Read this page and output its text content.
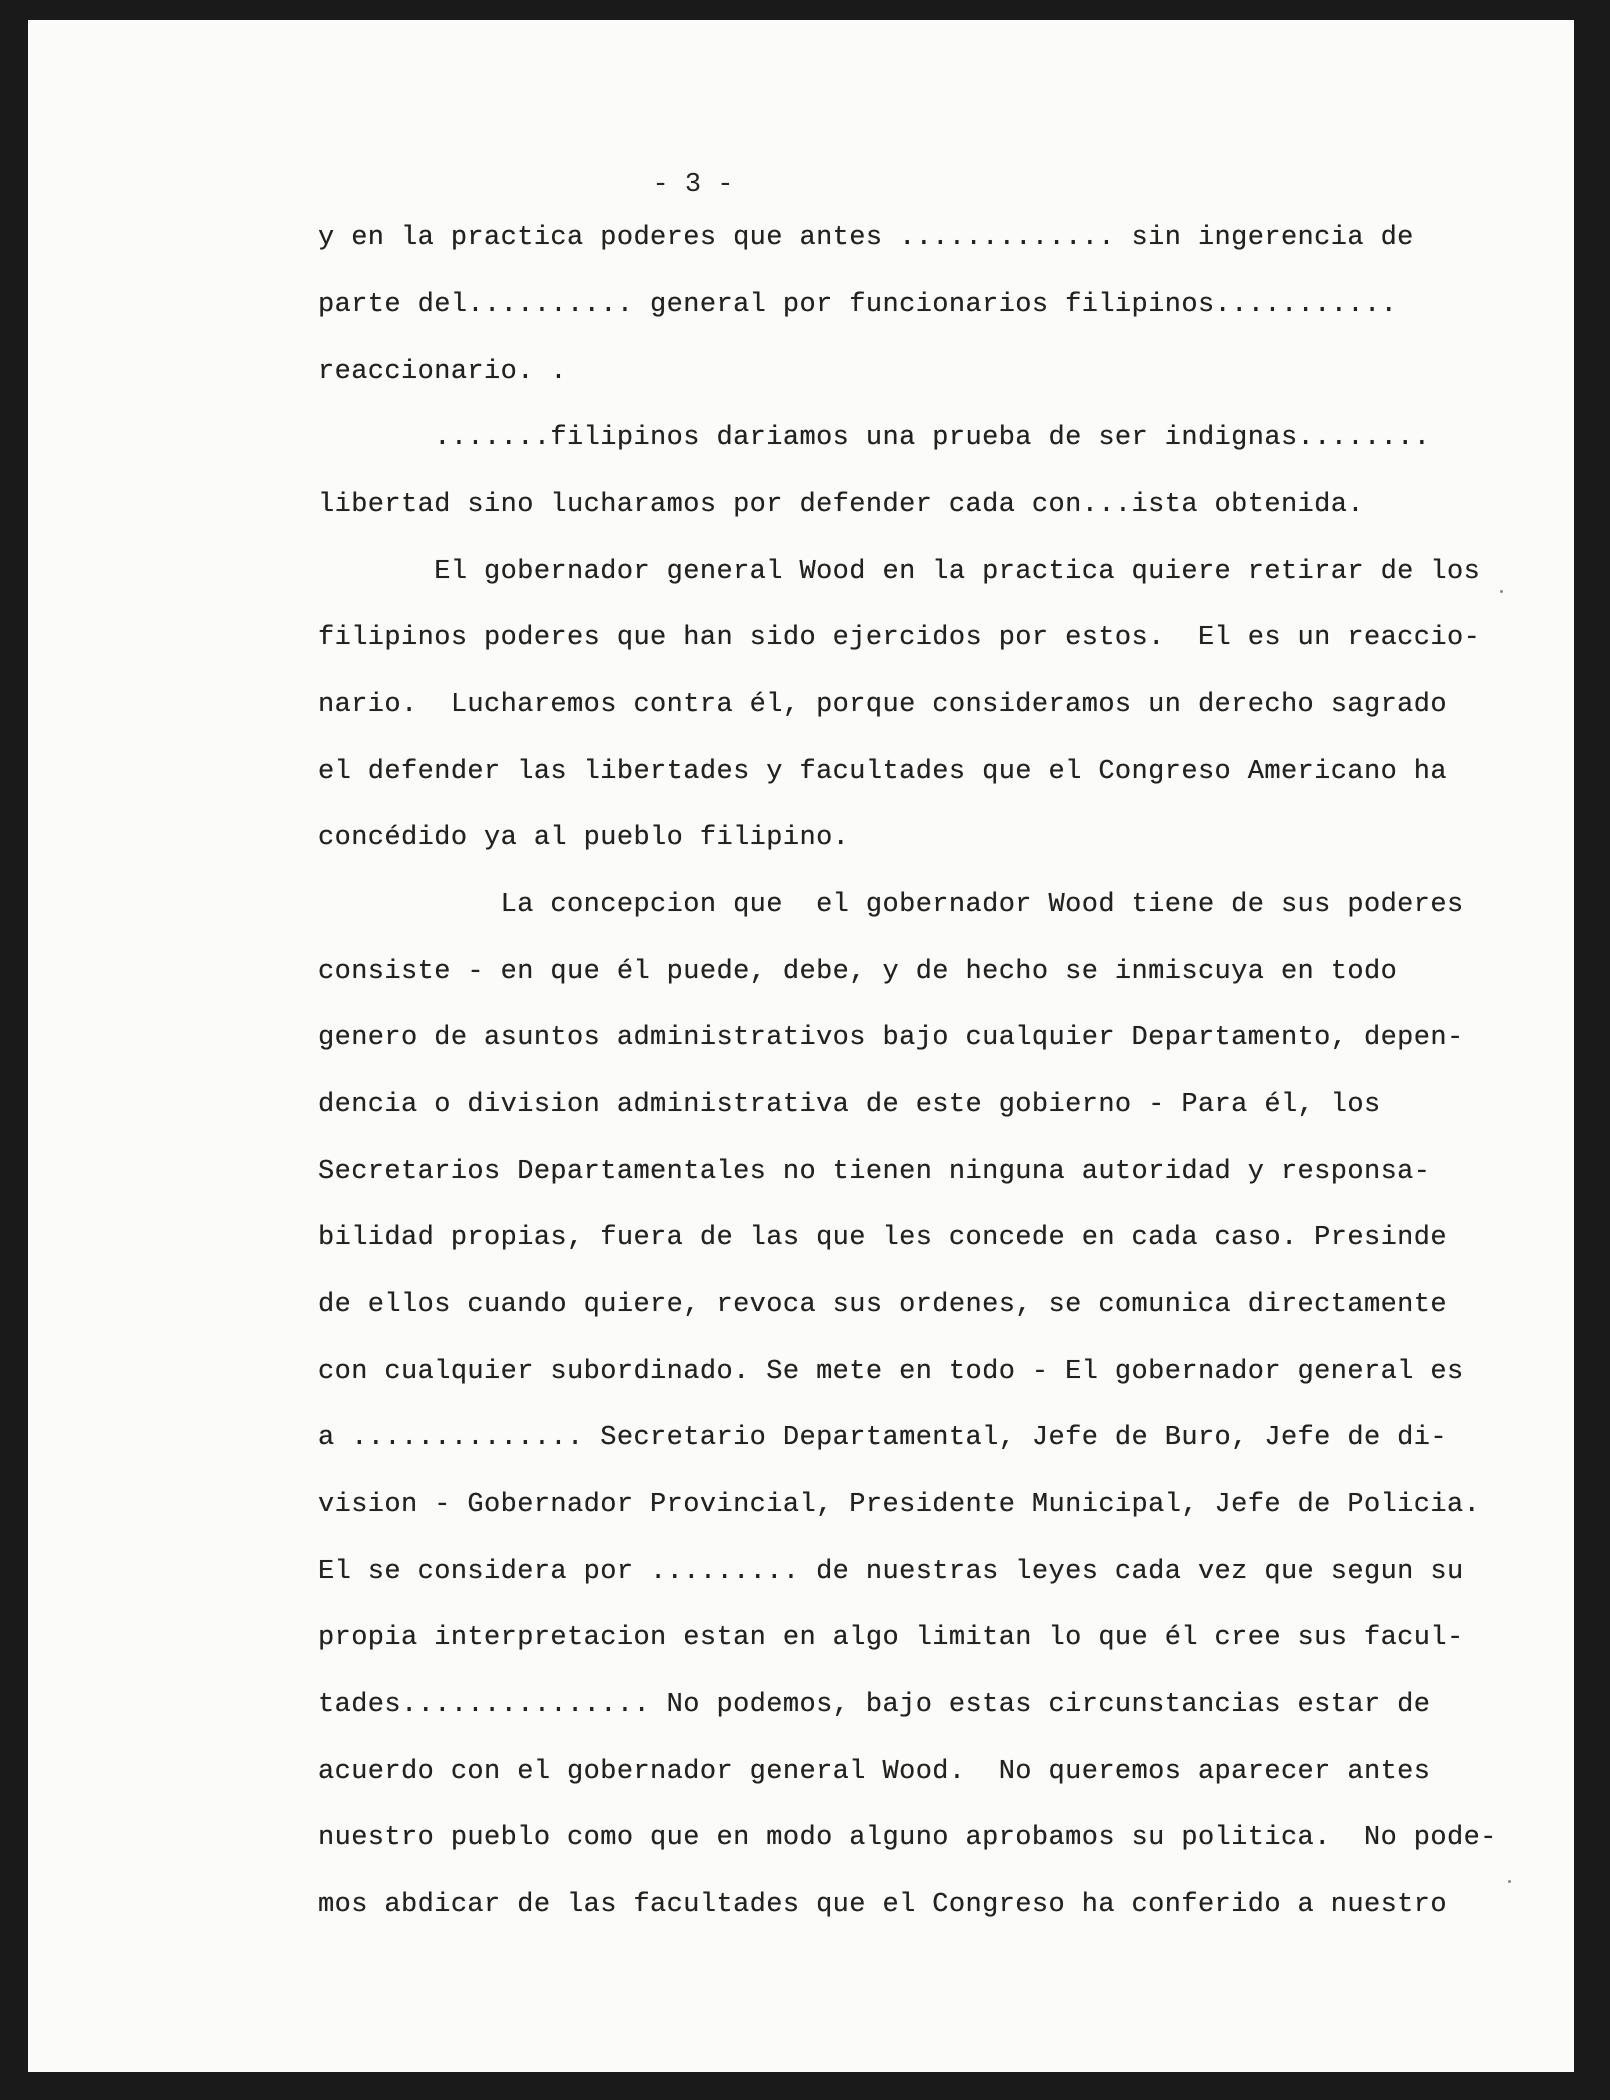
- 3 -
y en la practica poderes que antes ............. sin ingerencia de
parte del.......... general por funcionarios filipinos...........
reaccionario. .
.......filipinos dariamos una prueba de ser indignas........
libertad sino lucharamos por defender cada con...ista obtenida.
El gobernador general Wood en la practica quiere retirar de los
filipinos poderes que han sido ejercidos por estos.  El es un reaccio-
nario.  Lucharemos contra él, porque consideramos un derecho sagrado
el defender las libertades y facultades que el Congreso Americano ha
concédido ya al pueblo filipino.
La concepcion que  el gobernador Wood tiene de sus poderes
consiste - en que él puede, debe, y de hecho se inmiscuya en todo
genero de asuntos administrativos bajo cualquier Departamento, depen-
dencia o division administrativa de este gobierno - Para él, los
Secretarios Departamentales no tienen ninguna autoridad y responsa-
bilidad propias, fuera de las que les concede en cada caso. Presinde
de ellos cuando quiere, revoca sus ordenes, se comunica directamente
con cualquier subordinado. Se mete en todo - El gobernador general es
a .............. Secretario Departamental, Jefe de Buro, Jefe de di-
vision - Gobernador Provincial, Presidente Municipal, Jefe de Policia.
El se considera por ......... de nuestras leyes cada vez que segun su
propia interpretacion estan en algo limitan lo que él cree sus facul-
tades............... No podemos, bajo estas circunstancias estar de
acuerdo con el gobernador general Wood.  No queremos aparecer antes
nuestro pueblo como que en modo alguno aprobamos su politica.  No pode-
mos abdicar de las facultades que el Congreso ha conferido a nuestro
